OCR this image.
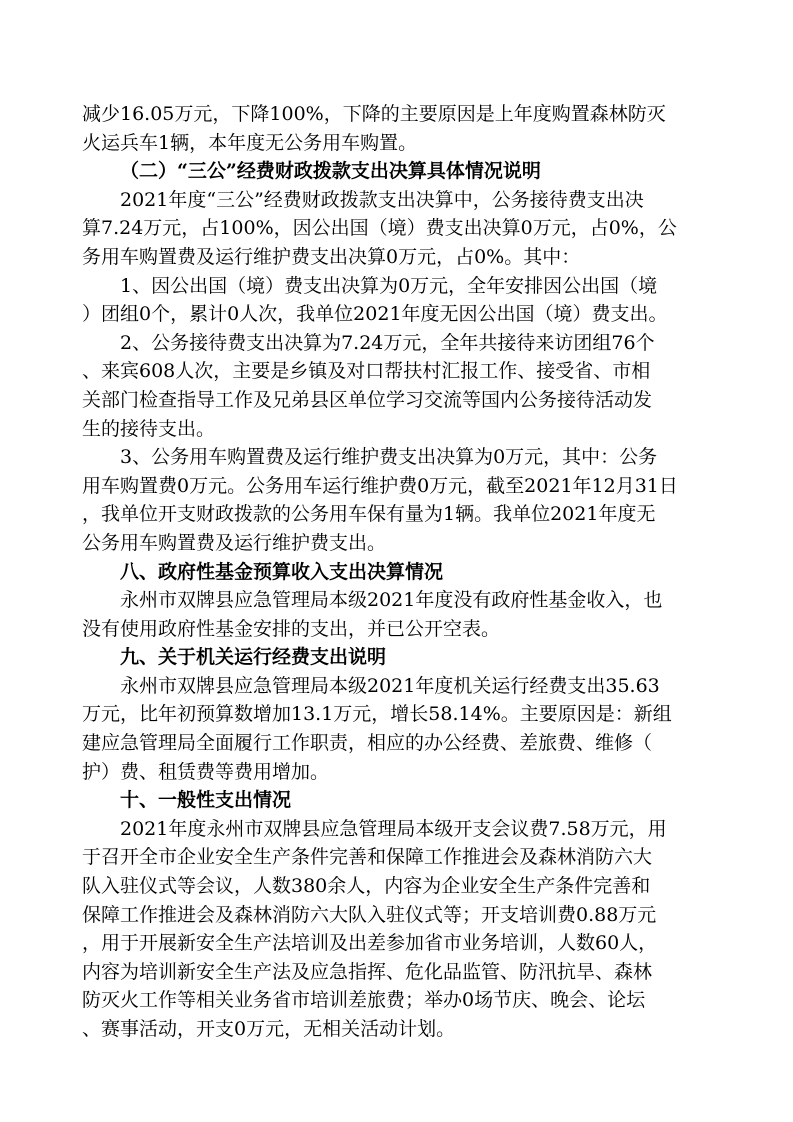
减少16.05万元，下降100%，下降的主要原因是上年度购置森林防灭
火运兵车1辆，本年度无公务用车购置。
（二）“三公”经费财政拨款支出决算具体情况说明
2021年度“三公”经费财政拨款支出决算中，公务接待费支出决
算7.24万元，占100%，因公出国（境）费支出决算0万元，占0%，公
务用车购置费及运行维护费支出决算0万元，占0%。其中：
1、因公出国（境）费支出决算为0万元，全年安排因公出国（境
）团组0个，累计0人次，我单位2021年度无因公出国（境）费支出。
2、公务接待费支出决算为7.24万元，全年共接待来访团组76个
、来宾608人次，主要是乡镇及对口帮扶村汇报工作、接受省、市相
关部门检查指导工作及兄弟县区单位学习交流等国内公务接待活动发
生的接待支出。
3、公务用车购置费及运行维护费支出决算为0万元，其中：公务
用车购置费0万元。公务用车运行维护费0万元，截至2021年12月31日
，我单位开支财政拨款的公务用车保有量为1辆。我单位2021年度无
公务用车购置费及运行维护费支出。
八、政府性基金预算收入支出决算情况
永州市双牌县应急管理局本级2021年度没有政府性基金收入，也
没有使用政府性基金安排的支出，并已公开空表。
九、关于机关运行经费支出说明
永州市双牌县应急管理局本级2021年度机关运行经费支出35.63
万元，比年初预算数增加13.1万元，增长58.14%。主要原因是：新组
建应急管理局全面履行工作职责，相应的办公经费、差旅费、维修（
护）费、租赁费等费用增加。
十、一般性支出情况
2021年度永州市双牌县应急管理局本级开支会议费7.58万元，用
于召开全市企业安全生产条件完善和保障工作推进会及森林消防六大
队入驻仪式等会议，人数380余人，内容为企业安全生产条件完善和
保障工作推进会及森林消防六大队入驻仪式等；开支培训费0.88万元
，用于开展新安全生产法培训及出差参加省市业务培训，人数60人，
内容为培训新安全生产法及应急指挥、危化品监管、防汛抗旱、森林
防灭火工作等相关业务省市培训差旅费；举办0场节庆、晚会、论坛
、赛事活动，开支0万元，无相关活动计划。
